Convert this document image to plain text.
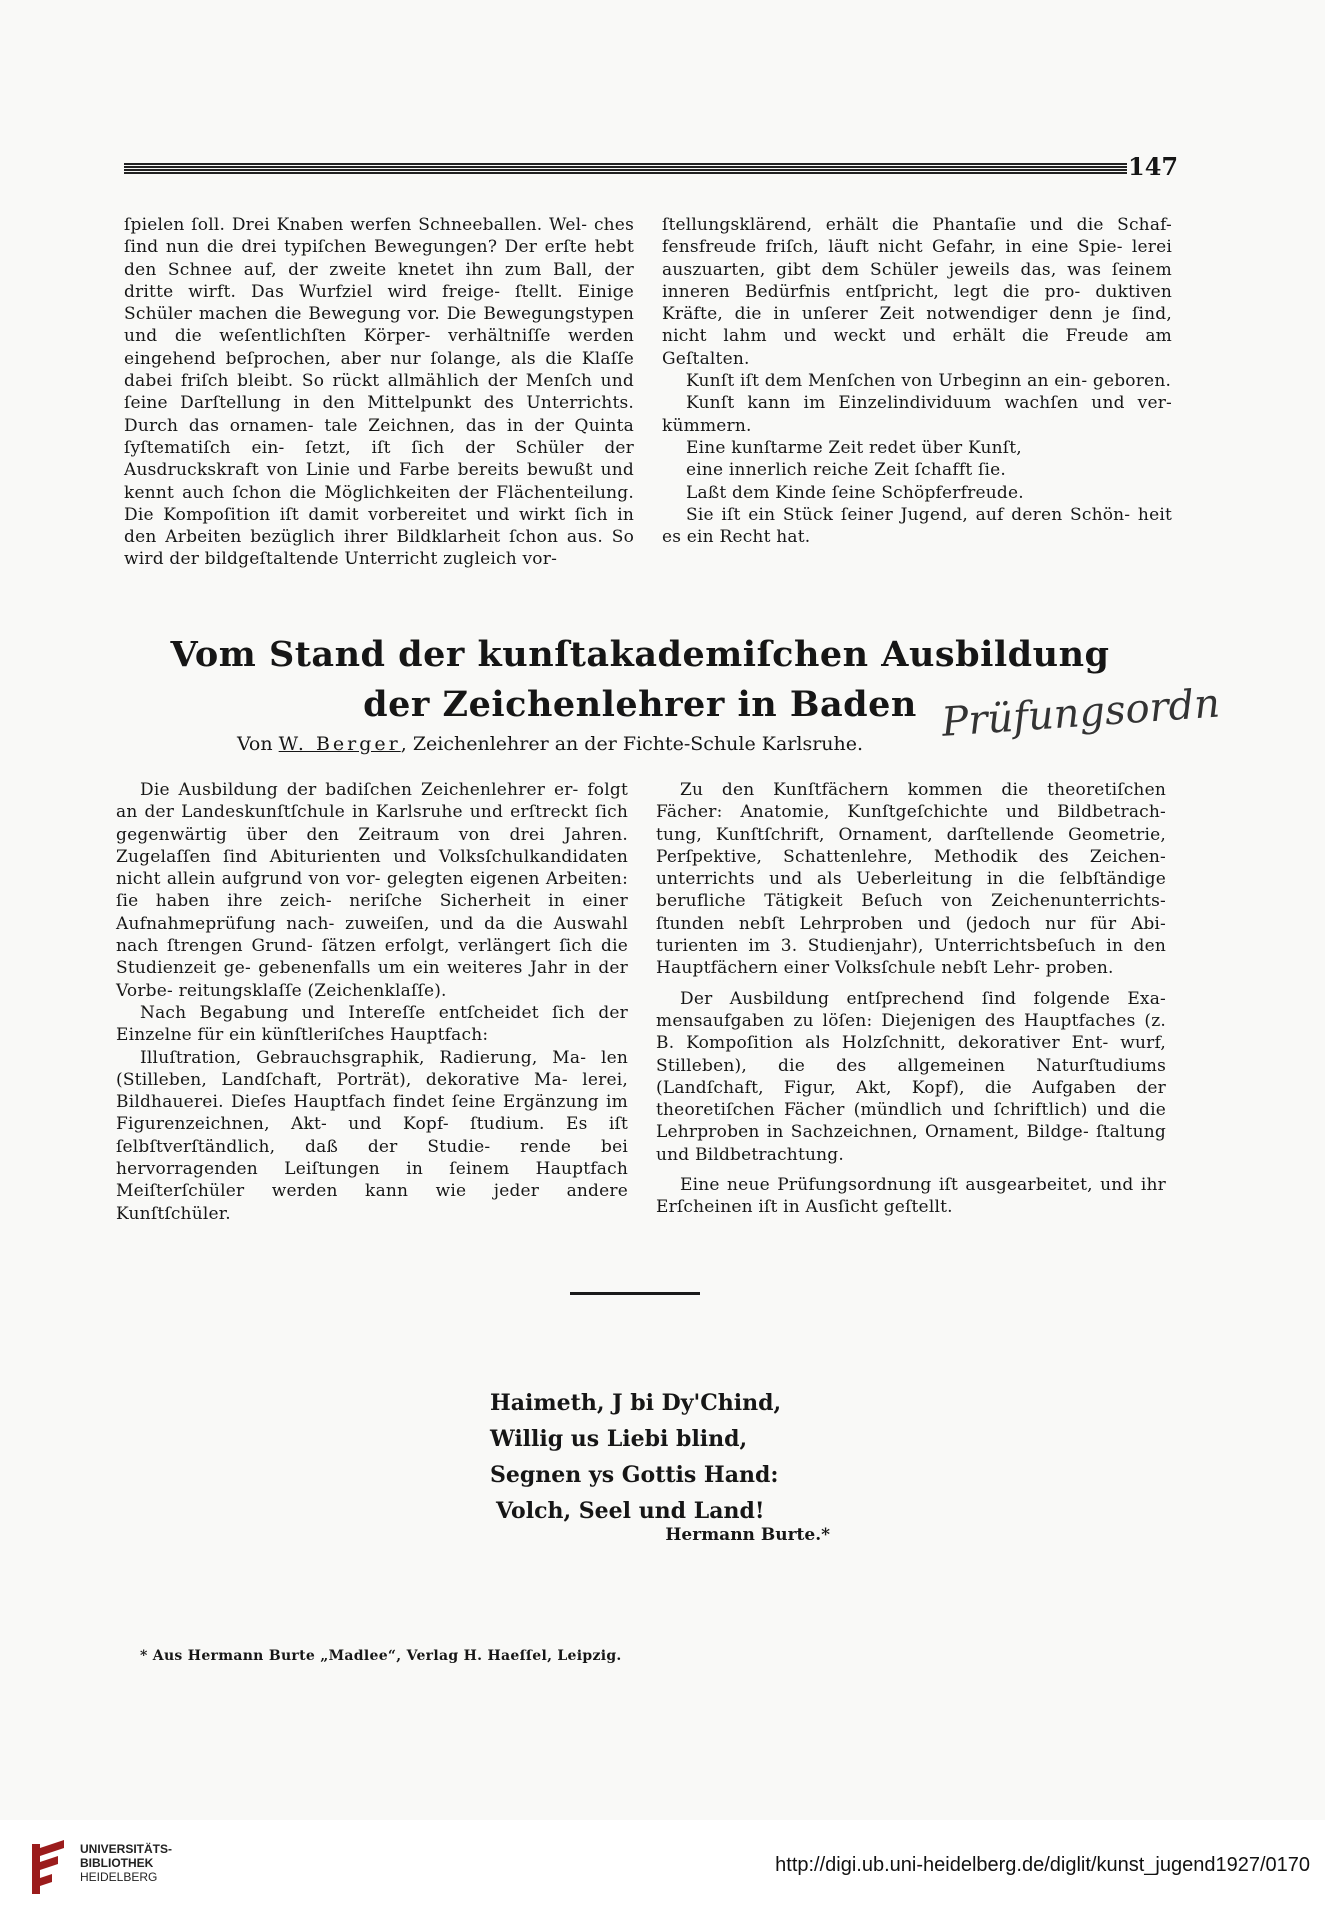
147
ſpielen ſoll. Drei Knaben werfen Schneeballen. Wel- ches ſind nun die drei typiſchen Bewegungen? Der erſte hebt den Schnee auf, der zweite knetet ihn zum Ball, der dritte wirft. Das Wurfziel wird freige- ſtellt. Einige Schüler machen die Bewegung vor. Die Bewegungstypen und die weſentlichſten Körper- verhältniſſe werden eingehend beſprochen, aber nur ſolange, als die Klaſſe dabei friſch bleibt. So rückt allmählich der Menſch und ſeine Darſtellung in den Mittelpunkt des Unterrichts. Durch das ornamen- tale Zeichnen, das in der Quinta ſyſtematiſch ein- ſetzt, iſt ſich der Schüler der Ausdruckskraft von Linie und Farbe bereits bewußt und kennt auch ſchon die Möglichkeiten der Flächenteilung. Die Kompoſition iſt damit vorbereitet und wirkt ſich in den Arbeiten bezüglich ihrer Bildklarheit ſchon aus. So wird der bildgeſtaltende Unterricht zugleich vor-

ſtellungsklärend, erhält die Phantaſie und die Schaf- fensfreude friſch, läuft nicht Gefahr, in eine Spie- lerei auszuarten, gibt dem Schüler jeweils das, was ſeinem inneren Bedürfnis entſpricht, legt die pro- duktiven Kräfte, die in unſerer Zeit notwendiger denn je ſind, nicht lahm und weckt und erhält die Freude am Geſtalten.

Kunſt iſt dem Menſchen von Urbeginn an ein- geboren.

Kunſt kann im Einzelindividuum wachſen und ver- kümmern.

Eine kunſtarme Zeit redet über Kunſt,
eine innerlich reiche Zeit ſchafft ſie.
Laßt dem Kinde ſeine Schöpferfreude.

Sie iſt ein Stück ſeiner Jugend, auf deren Schön- heit es ein Recht hat.

Vom Stand der kunſtakademiſchen Ausbildung
der Zeichenlehrer in Baden
Von W. Berger, Zeichenlehrer an der Fichte-Schule Karlsruhe.	Prüfungsordn

Die Ausbildung der badiſchen Zeichenlehrer er- folgt an der Landeskunſtſchule in Karlsruhe und erſtreckt ſich gegenwärtig über den Zeitraum von drei Jahren. Zugelaſſen ſind Abiturienten und Volksſchulkandidaten nicht allein aufgrund von vor- gelegten eigenen Arbeiten: ſie haben ihre zeich- neriſche Sicherheit in einer Aufnahmeprüfung nach- zuweiſen, und da die Auswahl nach ſtrengen Grund- ſätzen erfolgt, verlängert ſich die Studienzeit ge- gebenenfalls um ein weiteres Jahr in der Vorbe- reitungsklaſſe (Zeichenklaſſe).

Nach Begabung und Intereſſe entſcheidet ſich der Einzelne für ein künſtleriſches Hauptfach:

Illuſtration, Gebrauchsgraphik, Radierung, Ma- len (Stilleben, Landſchaft, Porträt), dekorative Ma- lerei, Bildhauerei. Dieſes Hauptfach findet ſeine Ergänzung im Figurenzeichnen, Akt- und Kopf- ſtudium. Es iſt ſelbſtverſtändlich, daß der Studie- rende bei hervorragenden Leiſtungen in ſeinem Hauptfach Meiſterſchüler werden kann wie jeder andere Kunſtſchüler.

Zu den Kunſtfächern kommen die theoretiſchen Fächer: Anatomie, Kunſtgeſchichte und Bildbetrach- tung, Kunſtſchrift, Ornament, darſtellende Geometrie, Perſpektive, Schattenlehre, Methodik des Zeichen- unterrichts und als Ueberleitung in die ſelbſtändige berufliche Tätigkeit Beſuch von Zeichenunterrichts- ſtunden nebſt Lehrproben und (jedoch nur für Abi- turienten im 3. Studienjahr), Unterrichtsbeſuch in den Hauptfächern einer Volksſchule nebſt Lehr- proben.

Der Ausbildung entſprechend ſind folgende Exa- mensaufgaben zu löſen: Diejenigen des Hauptfaches (z. B. Kompoſition als Holzſchnitt, dekorativer Ent- wurf, Stilleben), die des allgemeinen Naturſtudiums (Landſchaft, Figur, Akt, Kopf), die Aufgaben der theoretiſchen Fächer (mündlich und ſchriftlich) und die Lehrproben in Sachzeichnen, Ornament, Bildge- ſtaltung und Bildbetrachtung.

Eine neue Prüfungsordnung iſt ausgearbeitet, und ihr Erſcheinen iſt in Ausſicht geſtellt.

Haimeth, J bi Dy'Chind,
Willig us Liebi blind,
Segnen ys Gottis Hand:
Volch, Seel und Land!
Hermann Burte.*
* Aus Hermann Burte „Madlee“, Verlag H. Haeſſel, Leipzig.
UNIVERSITÄTS-
BIBLIOTHEK
HEIDELBERG
http://digi.ub.uni-heidelberg.de/diglit/kunst_jugend1927/0170
